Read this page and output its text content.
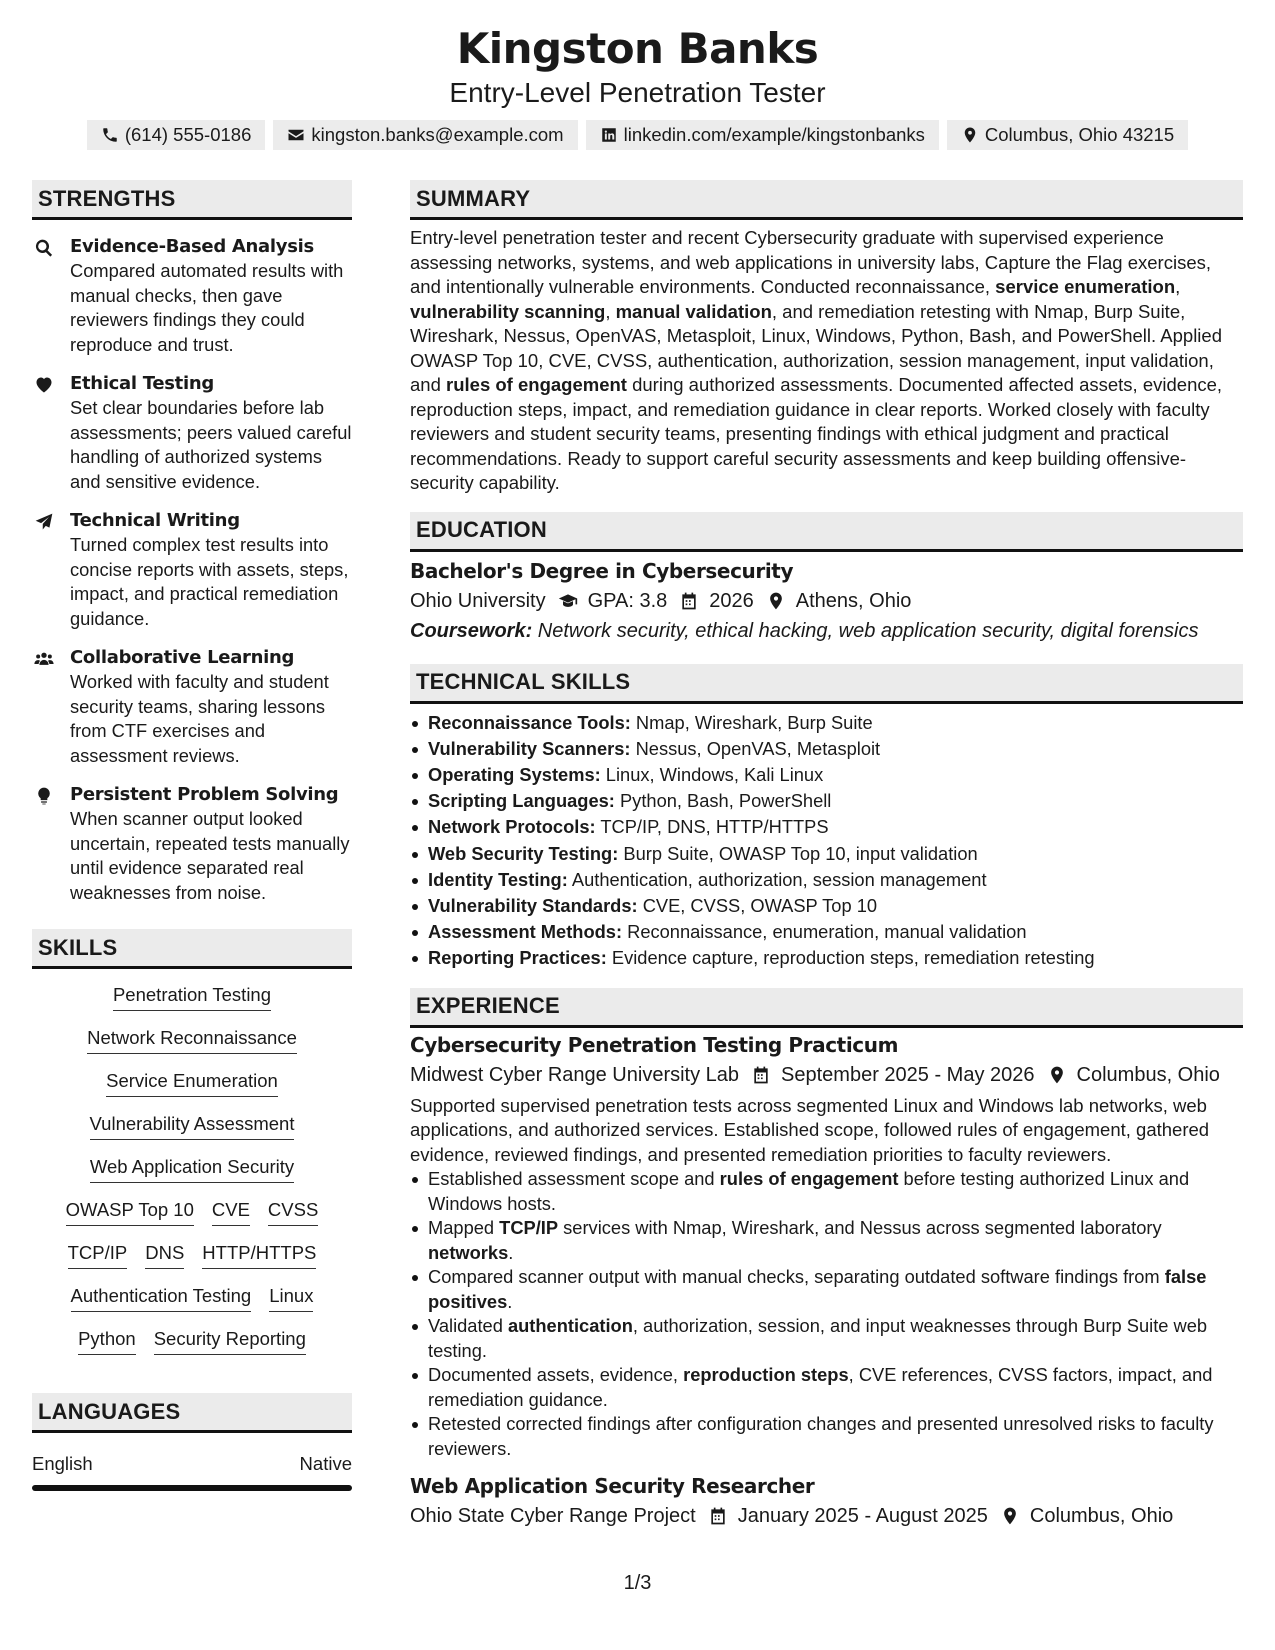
Kingston Banks
Entry-Level Penetration Tester
(614) 555-0186	kingston.banks@example.com	linkedin.com/example/kingstonbanks	Columbus, Ohio 43215
STRENGTHS
Evidence-Based Analysis
Compared automated results with manual checks, then gave reviewers findings they could reproduce and trust.
Ethical Testing
Set clear boundaries before lab assessments; peers valued careful handling of authorized systems and sensitive evidence.
Technical Writing
Turned complex test results into concise reports with assets, steps, impact, and practical remediation guidance.
Collaborative Learning
Worked with faculty and student security teams, sharing lessons from CTF exercises and assessment reviews.
Persistent Problem Solving
When scanner output looked uncertain, repeated tests manually until evidence separated real weaknesses from noise.
SKILLS
Penetration Testing
Network Reconnaissance
Service Enumeration
Vulnerability Assessment
Web Application Security
OWASP Top 10 CVE CVSS
TCP/IP DNS HTTP/HTTPS
Authentication Testing Linux
Python Security Reporting
LANGUAGES
English	Native
SUMMARY

Entry-level penetration tester and recent Cybersecurity graduate with supervised experience assessing networks, systems, and web applications in university labs, Capture the Flag exercises, and intentionally vulnerable environments. Conducted reconnaissance, service enumeration, vulnerability scanning, manual validation, and remediation retesting with Nmap, Burp Suite, Wireshark, Nessus, OpenVAS, Metasploit, Linux, Windows, Python, Bash, and PowerShell. Applied OWASP Top 10, CVE, CVSS, authentication, authorization, session management, input validation, and rules of engagement during authorized assessments. Documented affected assets, evidence, reproduction steps, impact, and remediation guidance in clear reports. Worked closely with faculty reviewers and student security teams, presenting findings with ethical judgment and practical recommendations. Ready to support careful security assessments and keep building offensive-security capability.

EDUCATION
Bachelor's Degree in Cybersecurity
Ohio University GPA: 3.8 2026 Athens, Ohio
Coursework: Network security, ethical hacking, web application security, digital forensics
TECHNICAL SKILLS
Reconnaissance Tools: Nmap, Wireshark, Burp Suite
Vulnerability Scanners: Nessus, OpenVAS, Metasploit
Operating Systems: Linux, Windows, Kali Linux
Scripting Languages: Python, Bash, PowerShell
Network Protocols: TCP/IP, DNS, HTTP/HTTPS
Web Security Testing: Burp Suite, OWASP Top 10, input validation
Identity Testing: Authentication, authorization, session management
Vulnerability Standards: CVE, CVSS, OWASP Top 10
Assessment Methods: Reconnaissance, enumeration, manual validation
Reporting Practices: Evidence capture, reproduction steps, remediation retesting
EXPERIENCE
Cybersecurity Penetration Testing Practicum
Midwest Cyber Range University Lab September 2025 - May 2026 Columbus, Ohio

Supported supervised penetration tests across segmented Linux and Windows lab networks, web applications, and authorized services. Established scope, followed rules of engagement, gathered evidence, reviewed findings, and presented remediation priorities to faculty reviewers.

Established assessment scope and rules of engagement before testing authorized Linux and Windows hosts.
Mapped TCP/IP services with Nmap, Wireshark, and Nessus across segmented laboratory networks.
Compared scanner output with manual checks, separating outdated software findings from false positives.
Validated authentication, authorization, session, and input weaknesses through Burp Suite web testing.
Documented assets, evidence, reproduction steps, CVE references, CVSS factors, impact, and remediation guidance.
Retested corrected findings after configuration changes and presented unresolved risks to faculty reviewers.
Web Application Security Researcher
Ohio State Cyber Range Project January 2025 - August 2025 Columbus, Ohio
1/3
